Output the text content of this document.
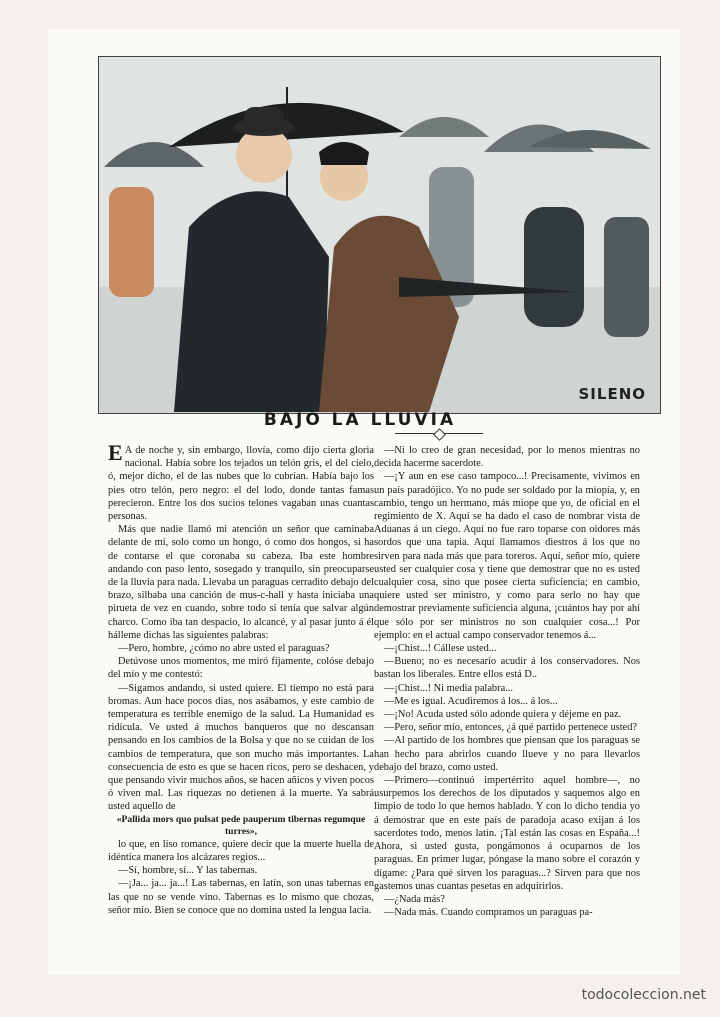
SILENO
BAJO LA LLUVIA

E A de noche y, sin embargo, llovía, como dijo cierta gloria nacional. Había sobre los tejados un telón gris, el del cielo, ó, mejor dicho, el de las nubes que lo cubrían. Había bajo los pies otro telón, pero negro: el del lodo, donde tantas famas perecieron. Entre los dos sucios telones vagaban unas cuantas personas.

Más que nadie llamó mi atención un señor que caminaba delante de mí, solo como un hongo, ó como dos hongos, si ha de contarse el que coronaba su cabeza. Iba este hombre andando con paso lento, sosegado y tranquilo, sin preocuparse de la lluvia para nada. Llevaba un paraguas cerradito debajo del brazo, silbaba una canción de mus-c-hall y hasta iniciaba una pirueta de vez en cuando, sobre todo si tenía que salvar algún charco. Como iba tan despacio, lo alcancé, y al pasar junto á él hálleme dichas las siguientes palabras:

—Pero, hombre, ¿cómo no abre usted el paraguas?

Detúvose unos momentos, me miró fijamente, colóse debajo del mío y me contestó:

—Sigamos andando, si usted quiere. El tiempo no está para bromas. Aun hace pocos días, nos asábamos, y este cambio de temperatura es terrible enemigo de la salud. La Humanidad es ridícula. Ve usted á muchos banqueros que no descansan pensando en los cambios de la Bolsa y que no se cuidan de los cambios de temperatura, que son mucho más importantes. La consecuencia de esto es que se hacen ricos, pero se deshacen, y que pensando vivir muchos años, se hacen añicos y viven pocos ó viven mal. Las riquezas no detienen á la muerte. Ya sabrá usted aquello de

«Pallida mors quo pulsat pede pauperum tibernas regumque turres»,

lo que, en liso romance, quiere decir que la muerte huella de idéntica manera los alcázares regios...

—Sí, hombre, sí... Y las tabernas.

—¡Ja... ja... ja...! Las tabernas, en latín, son unas tabernas en las que no se vende vino. Tabernas es lo mismo que chozas, señor mío. Bien se conoce que no domina usted la lengua lacia.

—Ni lo creo de gran necesidad, por lo menos mientras no decida hacerme sacerdote.

—¡Y aun en ese caso tampoco...! Precisamente, vivimos en un país paradójico. Yo no pude ser soldado por la miopía, y, en cambio, tengo un hermano, más miope que yo, de oficial en el regimiento de X. Aquí se ha dado el caso de nombrar vista de Aduanas á un ciego. Aquí no fue raro toparse con oidores más sordos que una tapia. Aquí llamamos diestros á los que no sirven para nada más que para toreros. Aquí, señor mío, quiere usted ser cualquier cosa y tiene que demostrar que no es usted cualquier cosa, sino que posee cierta suficiencia; en cambio, quiere usted ser ministro, y como para serlo no hay que demostrar previamente suficiencia alguna, ¡cuántos hay por ahí que sólo por ser ministros no son cualquier cosa...! Por ejemplo: en el actual campo conservador tenemos á...

—¡Chist...! Cállese usted...

—Bueno; no es necesario acudir á los conservadores. Nos bastan los liberales. Entre ellos está D..

—¡Chist...! Ni media palabra...

—Me es igual. Acudiremos á los... á los...

—¡No! Acuda usted sólo adonde quiera y déjeme en paz.

—Pero, señor mío, entonces, ¿á qué partido pertenece usted?

—Al partido de los hombres que piensan que los paraguas se han hecho para abrirlos cuando llueve y no para llevarlos debajo del brazo, como usted.

—Primero—continuó impertérrito aquel hombre—, no usurpemos los derechos de los diputados y saquemos algo en limpio de todo lo que hemos hablado. Y con lo dicho tendía yo á demostrar que en este país de paradoja acaso exijan á los sacerdotes todo, menos latín. ¡Tal están las cosas en España...! Ahora, si usted gusta, pongámonos á ocuparnos de los paraguas. En primer lugar, póngase la mano sobre el corazón y dígame: ¿Para qué sirven los paraguas...? Sirven para que nos gastemos unas cuantas pesetas en adquirirlos.

—¿Nada más?

—Nada más. Cuando compramos un paraguas pa-

todocoleccion.net
